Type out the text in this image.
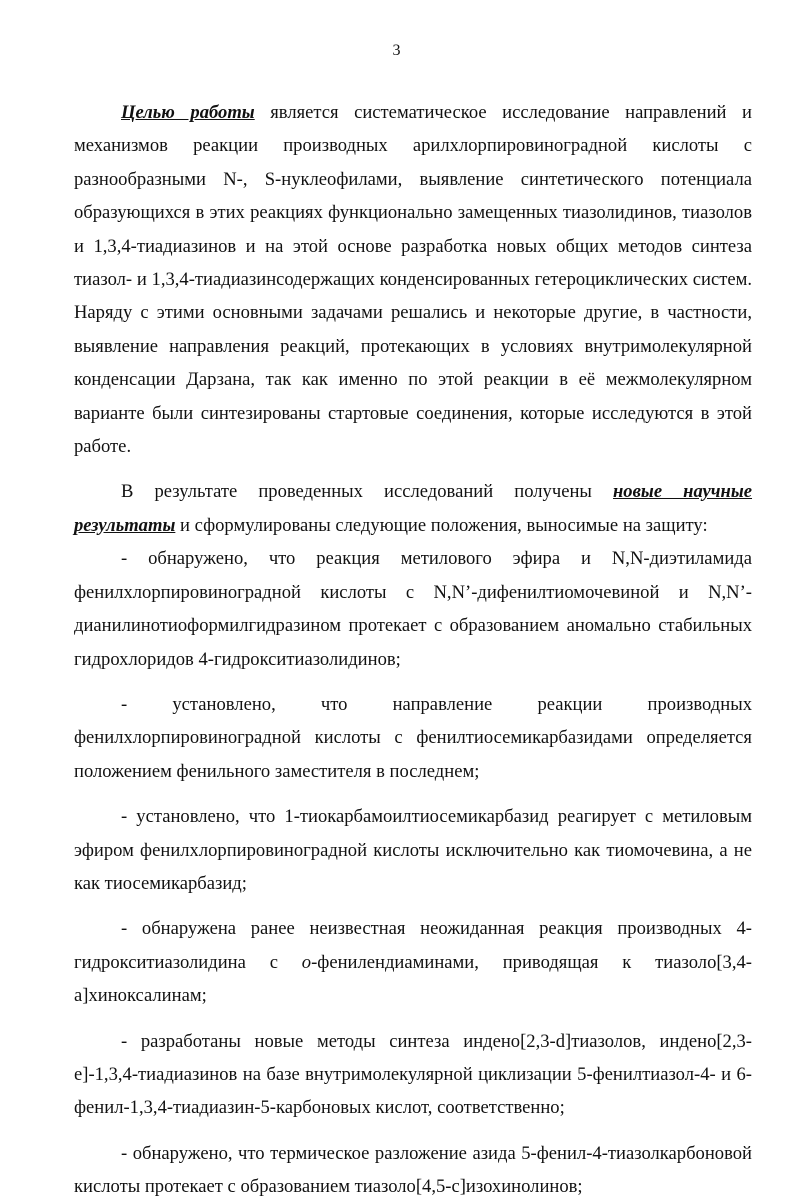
3

Целью работы является систематическое исследование направлений и механизмов реакции производных арилхлорпировиноградной кислоты с разнообразными N-, S-нуклеофилами, выявление синтетического потенциала образующихся в этих реакциях функционально замещенных тиазолидинов, тиазолов и 1,3,4-тиадиазинов и на этой основе разработка новых общих методов синтеза тиазол- и 1,3,4-тиадиазинсодержащих конденсированных гетероциклических систем. Наряду с этими основными задачами решались и некоторые другие, в частности, выявление направления реакций, протекающих в условиях внутримолекулярной конденсации Дарзана, так как именно по этой реакции в её межмолекулярном варианте были синтезированы стартовые соединения, которые исследуются в этой работе.

В результате проведенных исследований получены новые научные результаты и сформулированы следующие положения, выносимые на защиту:

- обнаружено, что реакция метилового эфира и N,N-диэтиламида фенилхлорпировиноградной кислоты с N,N’-дифенилтиомочевиной и N,N’-дианилинотиоформилгидразином протекает с образованием аномально стабильных гидрохлоридов 4-гидрокситиазолидинов;

- установлено, что направление реакции производных фенилхлорпировиноградной кислоты с фенилтиосемикарбазидами определяется положением фенильного заместителя в последнем;

- установлено, что 1-тиокарбамоилтиосемикарбазид реагирует с метиловым эфиром фенилхлорпировиноградной кислоты исключительно как тиомочевина, а не как тиосемикарбазид;

- обнаружена ранее неизвестная неожиданная реакция производных 4-гидрокситиазолидина с о-фенилендиаминами, приводящая к тиазоло[3,4-a]хиноксалинам;

- разработаны новые методы синтеза индено[2,3-d]тиазолов, индено[2,3-e]-1,3,4-тиадиазинов на базе внутримолекулярной циклизации 5-фенилтиазол-4- и 6-фенил-1,3,4-тиадиазин-5-карбоновых кислот, соответственно;

- обнаружено, что термическое разложение азида 5-фенил-4-тиазолкарбоновой кислоты протекает с образованием тиазоло[4,5-c]изохинолинов;
